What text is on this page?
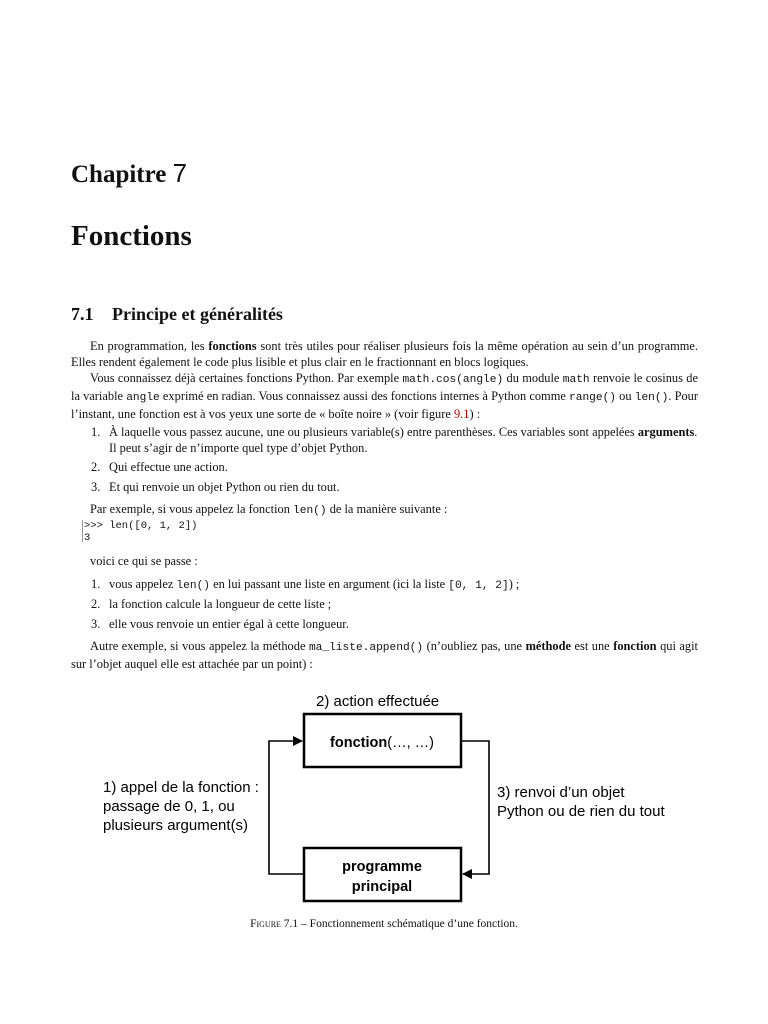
Chapitre 7
Fonctions
7.1 Principe et généralités
En programmation, les fonctions sont très utiles pour réaliser plusieurs fois la même opération au sein d’un programme. Elles rendent également le code plus lisible et plus clair en le fractionnant en blocs logiques.
Vous connaissez déjà certaines fonctions Python. Par exemple math.cos(angle) du module math renvoie le cosinus de la variable angle exprimé en radian. Vous connaissez aussi des fonctions internes à Python comme range() ou len(). Pour l’instant, une fonction est à vos yeux une sorte de « boîte noire » (voir figure 9.1) :
1. À laquelle vous passez aucune, une ou plusieurs variable(s) entre parenthèses. Ces variables sont appelées arguments.
Il peut s’agir de n’importe quel type d’objet Python.
2. Qui effectue une action.
3. Et qui renvoie un objet Python ou rien du tout.
Par exemple, si vous appelez la fonction len() de la manière suivante :
>>> len([0, 1, 2])
3
voici ce qui se passe :
1. vous appelez len() en lui passant une liste en argument (ici la liste [0, 1, 2]) ;
2. la fonction calcule la longueur de cette liste ;
3. elle vous renvoie un entier égal à cette longueur.
Autre exemple, si vous appelez la méthode ma_liste.append() (n’oubliez pas, une méthode est une fonction qui agit sur l’objet auquel elle est attachée par un point) :
2) action effectuée
fonction(…, …)
programme
principal
1) appel de la fonction :
passage de 0, 1, ou
plusieurs argument(s)
3) renvoi d’un objet
Python ou de rien du tout
Figure 7.1 – Fonctionnement schématique d’une fonction.
